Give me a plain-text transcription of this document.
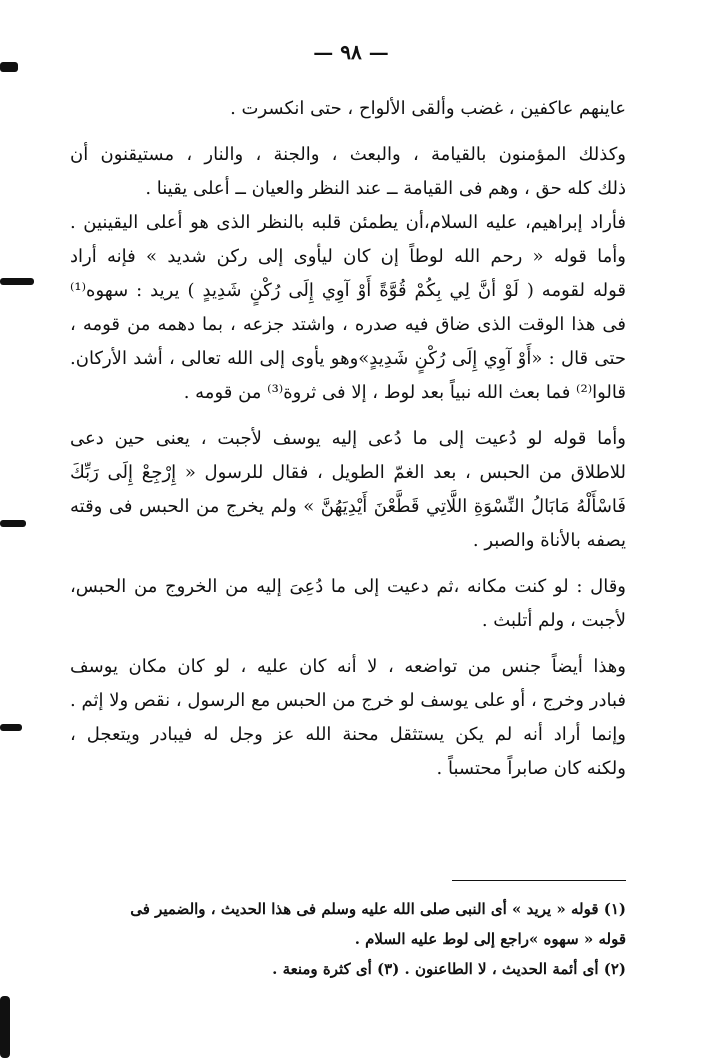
— ٩٨ —
عاينهم عاكفين ، غضب وألقى الألواح ، حتى انكسرت .
وكذلك المؤمنون بالقيامة ، والبعث ، والجنة ، والنار ، مستيقنون أن
ذلك كله حق ، وهم فى القيامة ــ عند النظر والعيان ــ أعلى يقينا .
فأراد إبراهيم، عليه السلام،أن يطمئن قلبه بالنظر الذى هو أعلى اليقينين .
وأما قوله « رحم الله لوطاً إن كان ليأوى إلى ركن شديد » فإنه أراد
قوله لقومه ( لَوْ أنَّ لِي بِكُمْ قُوَّةً أَوْ آوِي إِلَى رُكْنٍ شَدِيدٍ ) يريد : سهوه⁽¹⁾
فى هذا الوقت الذى ضاق فيه صدره ، واشتد جزعه ، بما دهمه من قومه ،
حتى قال : «أَوْ آوِي إِلَى رُكْنٍ شَدِيدٍ»وهو يأوى إلى الله تعالى ، أشد الأركان.
قالوا⁽²⁾ فما بعث الله نبياً بعد لوط ، إلا فى ثروة⁽³⁾ من قومه .
وأما قوله لو دُعيت إلى ما دُعى إليه يوسف لأجبت ، يعنى حين دعى
للاطلاق من الحبس ، بعد الغمّ الطويل ، فقال للرسول « إِرْجِعْ إِلَى رَبِّكَ
فَاسْأَلْهُ مَابَالُ النِّسْوَةِ اللَّاتِي قَطَّعْنَ أَيْدِيَهُنَّ » ولم يخرج من الحبس فى وقته
يصفه بالأناة والصبر .
وقال : لو كنت مكانه ،ثم دعيت إلى ما دُعِىَ إليه من الخروج من الحبس،
لأجبت ، ولم أتلبث .
وهذا أيضاً جنس من تواضعه ، لا أنه كان عليه ، لو كان مكان يوسف
فبادر وخرج ، أو على يوسف لو خرج من الحبس مع الرسول ، نقص ولا إثم .
وإنما أراد أنه لم يكن يستثقل محنة الله عز وجل له فيبادر ويتعجل ،
ولكنه كان صابراً محتسباً .
(١) قوله « يريد » أى النبى صلى الله عليه وسلم فى هذا الحديث ، والضمير فى
قوله « سهوه »راجع إلى لوط عليه السلام .
(٢) أى أئمة الحديث ، لا الطاعنون . (٣) أى كثرة ومنعة .
